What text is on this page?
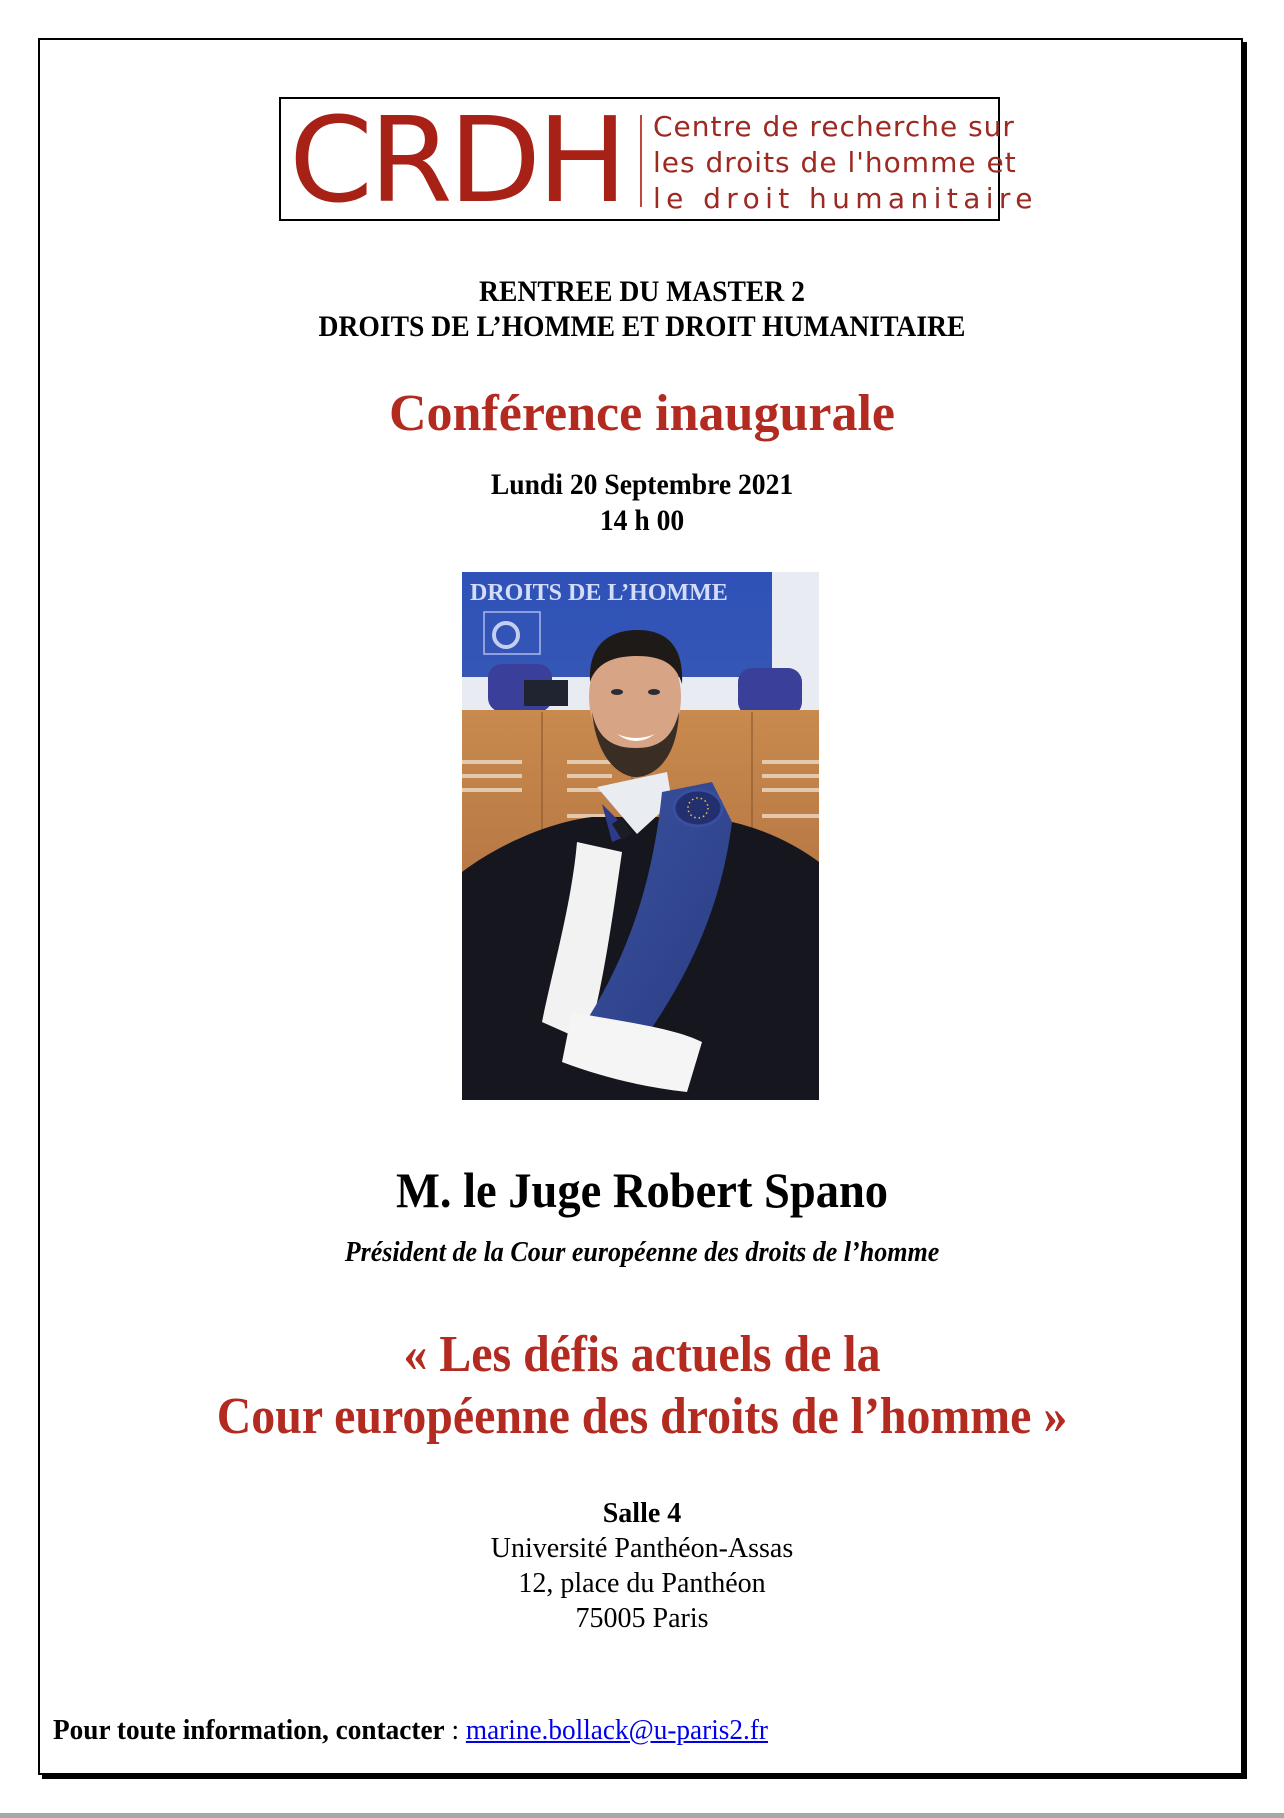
CRDH Centre de recherche sur
les droits de l'homme et
le droit humanitaire
RENTREE DU MASTER 2
DROITS DE L’HOMME ET DROIT HUMANITAIRE
Conférence inaugurale
Lundi 20 Septembre 2021
14 h 00
DROITS DE L’HOMME
M. le Juge Robert Spano
Président de la Cour européenne des droits de l’homme
« Les défis actuels de la
Cour européenne des droits de l’homme »
Salle 4
Université Panthéon-Assas
12, place du Panthéon
75005 Paris
Pour toute information, contacter : marine.bollack@u-paris2.fr
